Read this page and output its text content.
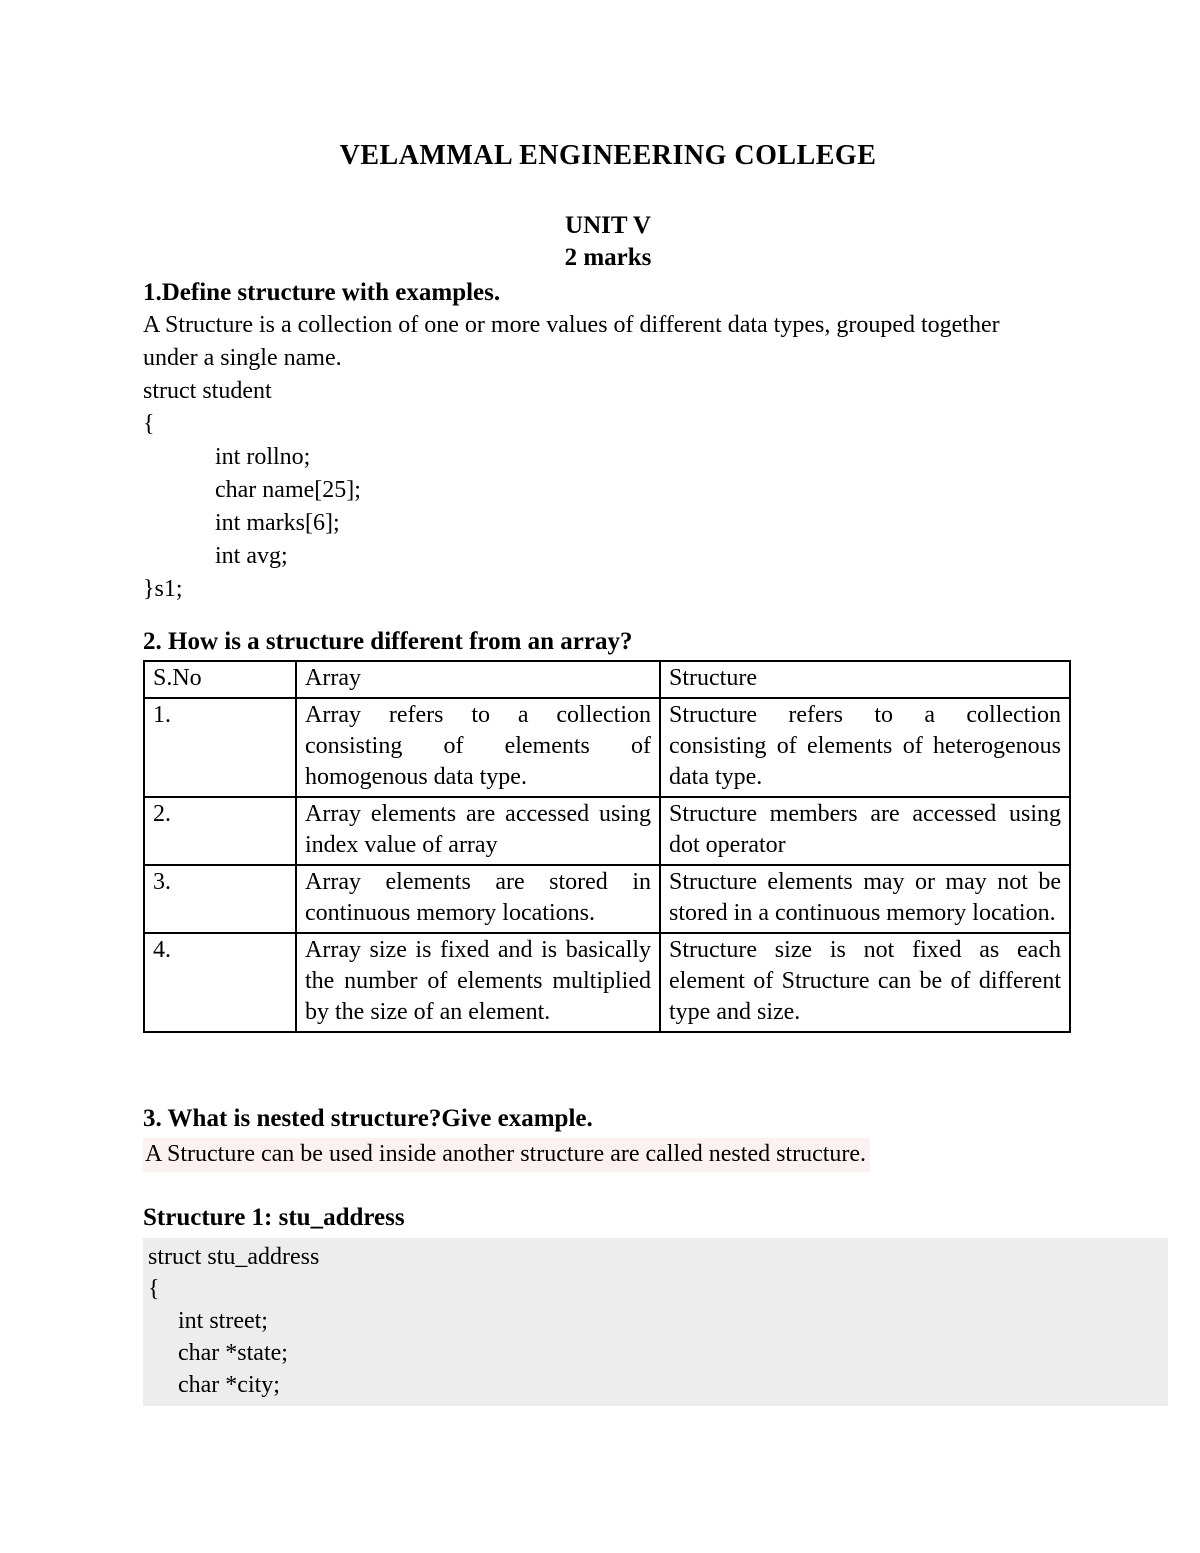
VELAMMAL ENGINEERING COLLEGE
UNIT V
2 marks
1.Define structure with examples.
A Structure is a collection of one or more values of different data types, grouped together under a single name.
struct student
{
int rollno;
char name[25];
int marks[6];
int avg;
}s1;
2. How is a structure different from an array?
S.No	Array	Structure
1.	Array refers to a collection consisting of elements of homogenous data type.	Structure refers to a collection consisting of elements of heterogenous data type.
2.	Array elements are accessed using index value of array	Structure members are accessed using dot operator
3.	Array elements are stored in continuous memory locations.	Structure elements may or may not be stored in a continuous memory location.
4.	Array size is fixed and is basically the number of elements multiplied by the size of an element.	Structure size is not fixed as each element of Structure can be of different type and size.
3. What is nested structure?Give example.
A Structure can be used inside another structure are called nested structure.
Structure 1: stu_address
struct stu_address
{
int street;
char *state;
char *city;
